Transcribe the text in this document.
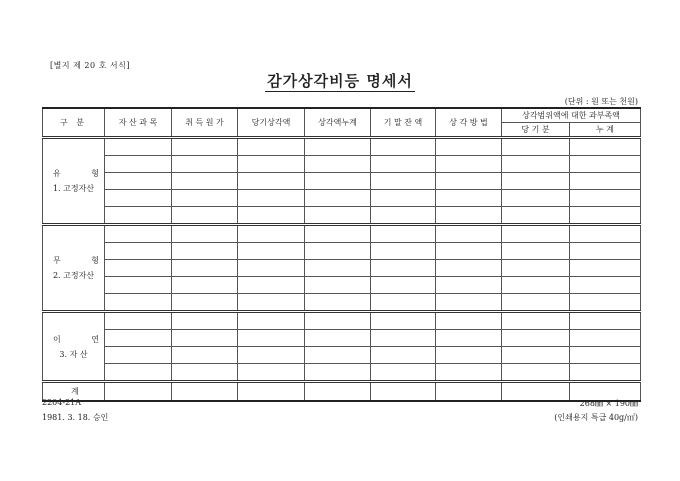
[별지 제 20 호 서식]
감가상각비등 명세서
(단위 : 원 또는 천원)
구 분	자 산 과 목	취 득 원 가	당기상각액	상각액누계	기 말 잔 액	상 각 방 법	상각범위액에 대한 과부족액	
							당 기 분	누 계

유 형
1. 고정자산								

무 형
2. 고정자산								

이 연
3. 자 산								

계								
2204-21A
1981. 3. 18. 승인
268㎜ × 190㎜
(인쇄용지 특급 40g/㎡)
